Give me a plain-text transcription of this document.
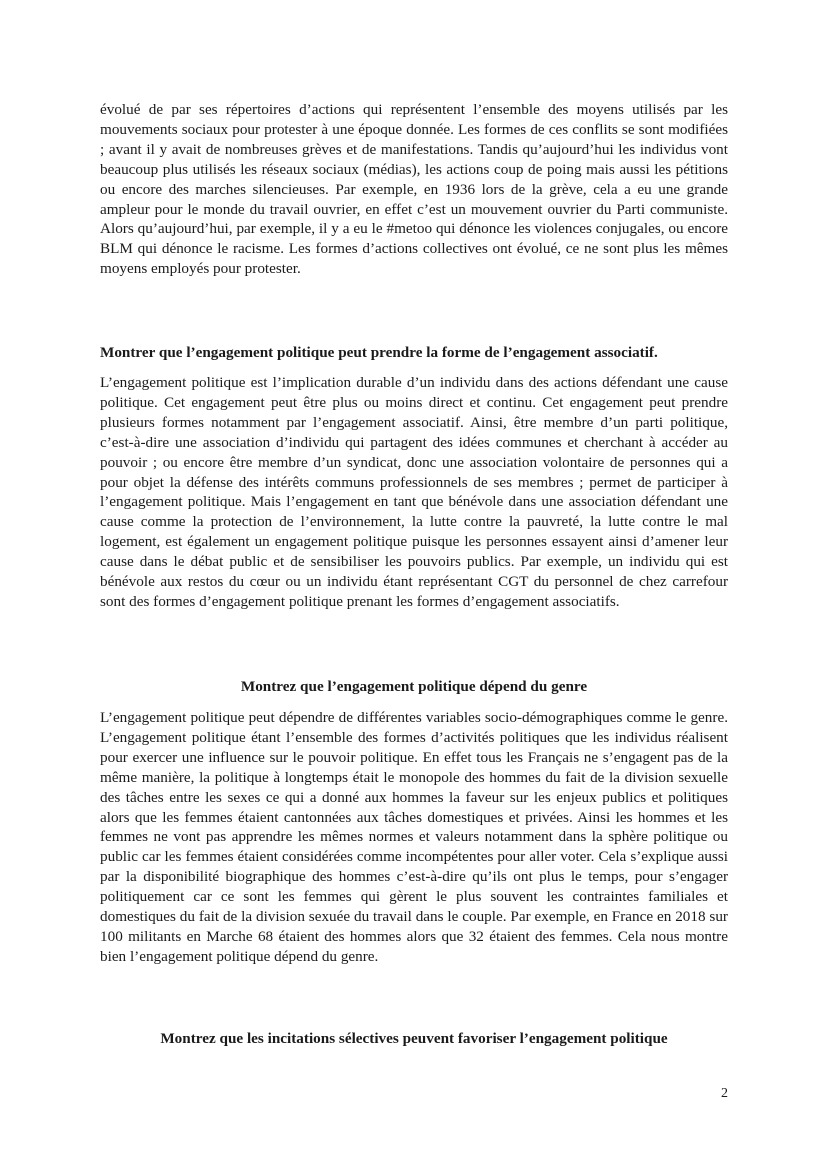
évolué de par ses répertoires d’actions qui représentent l’ensemble des moyens utilisés par les mouvements sociaux pour protester à une époque donnée. Les formes de ces conflits se sont modifiées ; avant il y avait de nombreuses grèves et de manifestations. Tandis qu’aujourd’hui les individus vont beaucoup plus utilisés les réseaux sociaux (médias), les actions coup de poing mais aussi les pétitions ou encore des marches silencieuses. Par exemple, en 1936 lors de la grève, cela a eu une grande ampleur pour le monde du travail ouvrier, en effet c’est un mouvement ouvrier du Parti communiste. Alors qu’aujourd’hui, par exemple, il y a eu le #metoo qui dénonce les violences conjugales, ou encore BLM qui dénonce le racisme. Les formes d’actions collectives ont évolué, ce ne sont plus les mêmes moyens employés pour protester.

Montrer que l’engagement politique peut prendre la forme de l’engagement associatif.

L’engagement politique est l’implication durable d’un individu dans des actions défendant une cause politique. Cet engagement peut être plus ou moins direct et continu. Cet engagement peut prendre plusieurs formes notamment par l’engagement associatif. Ainsi, être membre d’un parti politique, c’est-à-dire une association d’individu qui partagent des idées communes et cherchant à accéder au pouvoir ; ou encore être membre d’un syndicat, donc une association volontaire de personnes qui a pour objet la défense des intérêts communs professionnels de ses membres ; permet de participer à l’engagement politique. Mais l’engagement en tant que bénévole dans une association défendant une cause comme la protection de l’environnement, la lutte contre la pauvreté, la lutte contre le mal logement, est également un engagement politique puisque les personnes essayent ainsi d’amener leur cause dans le débat public et de sensibiliser les pouvoirs publics. Par exemple, un individu qui est bénévole aux restos du cœur ou un individu étant représentant CGT du personnel de chez carrefour sont des formes d’engagement politique prenant les formes d’engagement associatifs.

Montrez que l’engagement politique dépend du genre

L’engagement politique peut dépendre de différentes variables socio-démographiques comme le genre. L’engagement politique étant l’ensemble des formes d’activités politiques que les individus réalisent pour exercer une influence sur le pouvoir politique. En effet tous les Français ne s’engagent pas de la même manière, la politique à longtemps était le monopole des hommes du fait de la division sexuelle des tâches entre les sexes ce qui a donné aux hommes la faveur sur les enjeux publics et politiques alors que les femmes étaient cantonnées aux tâches domestiques et privées. Ainsi les hommes et les femmes ne vont pas apprendre les mêmes normes et valeurs notamment dans la sphère politique ou public car les femmes étaient considérées comme incompétentes pour aller voter. Cela s’explique aussi par la disponibilité biographique des hommes c’est-à-dire qu’ils ont plus le temps, pour s’engager politiquement car ce sont les femmes qui gèrent le plus souvent les contraintes familiales et domestiques du fait de la division sexuée du travail dans le couple. Par exemple, en France en 2018 sur 100 militants en Marche 68 étaient des hommes alors que 32 étaient des femmes. Cela nous montre bien l’engagement politique dépend du genre.

Montrez que les incitations sélectives peuvent favoriser l’engagement politique
2
